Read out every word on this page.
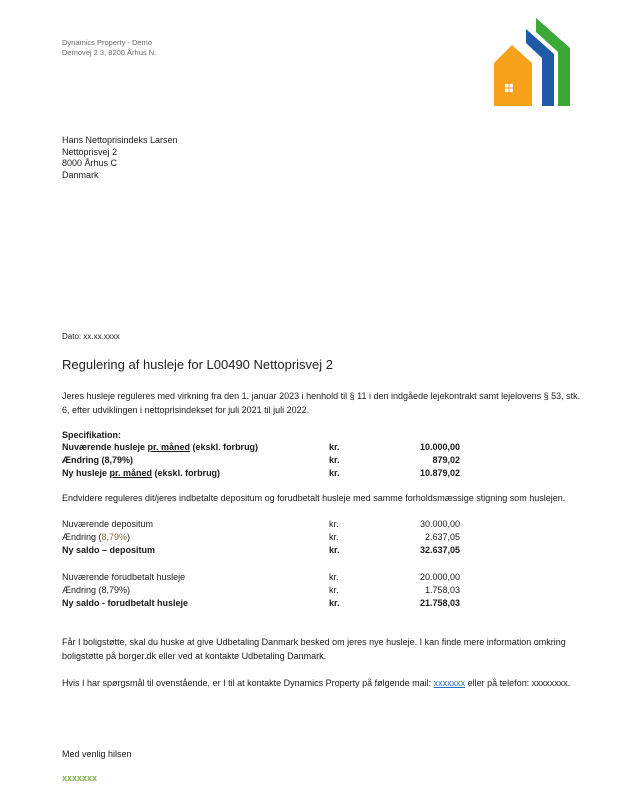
Dynamics Property - Demo
Demovej 2 3, 8200 Århus N.
Hans Nettoprisindeks Larsen
Nettoprisvej 2
8000 Århus C
Danmark
Dato: xx.xx.xxxx
Regulering af husleje for L00490 Nettoprisvej 2
Jeres husleje reguleres med virkning fra den 1. januar 2023 i henhold til § 11 i den indgåede lejekontrakt samt lejelovens § 53, stk. 6, efter udviklingen i nettoprisindekset for juli 2021 til juli 2022.
Specifikation:
Nuværende husleje pr. måned (ekskl. forbrug)	kr.	10.000,00
Ændring (8,79%)	kr.	879,02
Ny husleje pr. måned (ekskl. forbrug)	kr.	10.879,02
Endvidere reguleres dit/jeres indbetalte depositum og forudbetalt husleje med samme forholdsmæssige stigning som huslejen.
Nuværende depositum	kr.	30.000,00
Ændring (8,79%)	kr.	2.637,05
Ny saldo – depositum	kr.	32.637,05
Nuværende forudbetalt husleje	kr.	20.000,00
Ændring (8,79%)	kr.	1.758,03
Ny saldo - forudbetalt husleje	kr.	21.758,03
Får I boligstøtte, skal du huske at give Udbetaling Danmark besked om jeres nye husleje. I kan finde mere information omkring boligstøtte på borger.dk eller ved at kontakte Udbetaling Danmark.
Hvis I har spørgsmål til ovenstående, er I til at kontakte Dynamics Property på følgende mail: xxxxxxx eller på telefon: xxxxxxxx.
Med venlig hilsen
xxxxxxx
